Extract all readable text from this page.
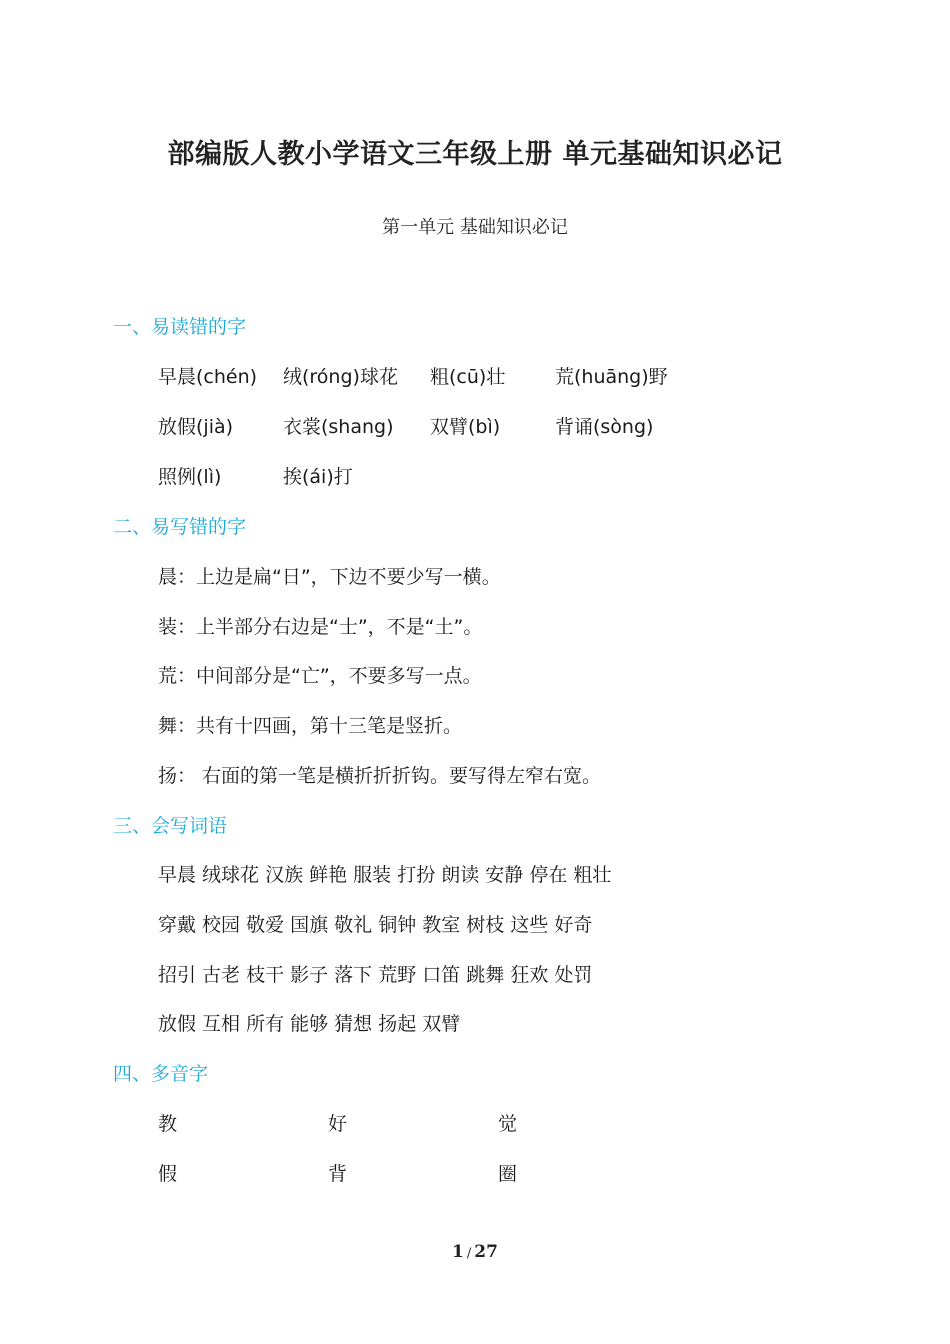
部编版人教小学语文三年级上册 单元基础知识必记
第一单元 基础知识必记
一、易读错的字
早晨(chén) 绒(róng)球花 粗(cū)壮	荒(huāng)野
放假(jià)	衣裳(shang) 双臂(bì)	背诵(sòng)
照例(lì)	挨(ái)打
二、易写错的字
晨：上边是扁“日”，下边不要少写一横。
装：上半部分右边是“士”，不是“土”。
荒：中间部分是“亡”，不要多写一点。
舞：共有十四画，第十三笔是竖折。
扬： 右面的第一笔是横折折折钩。要写得左窄右宽。
三、会写词语
早晨 绒球花 汉族 鲜艳 服装 打扮 朗读 安静 停在 粗壮
穿戴 校园 敬爱 国旗 敬礼 铜钟 教室 树枝 这些 好奇
招引 古老 枝干 影子 落下 荒野 口笛 跳舞 狂欢 处罚
放假 互相 所有 能够 猜想 扬起 双臂
四、多音字
教	好	觉
假	背	圈
1 / 27
